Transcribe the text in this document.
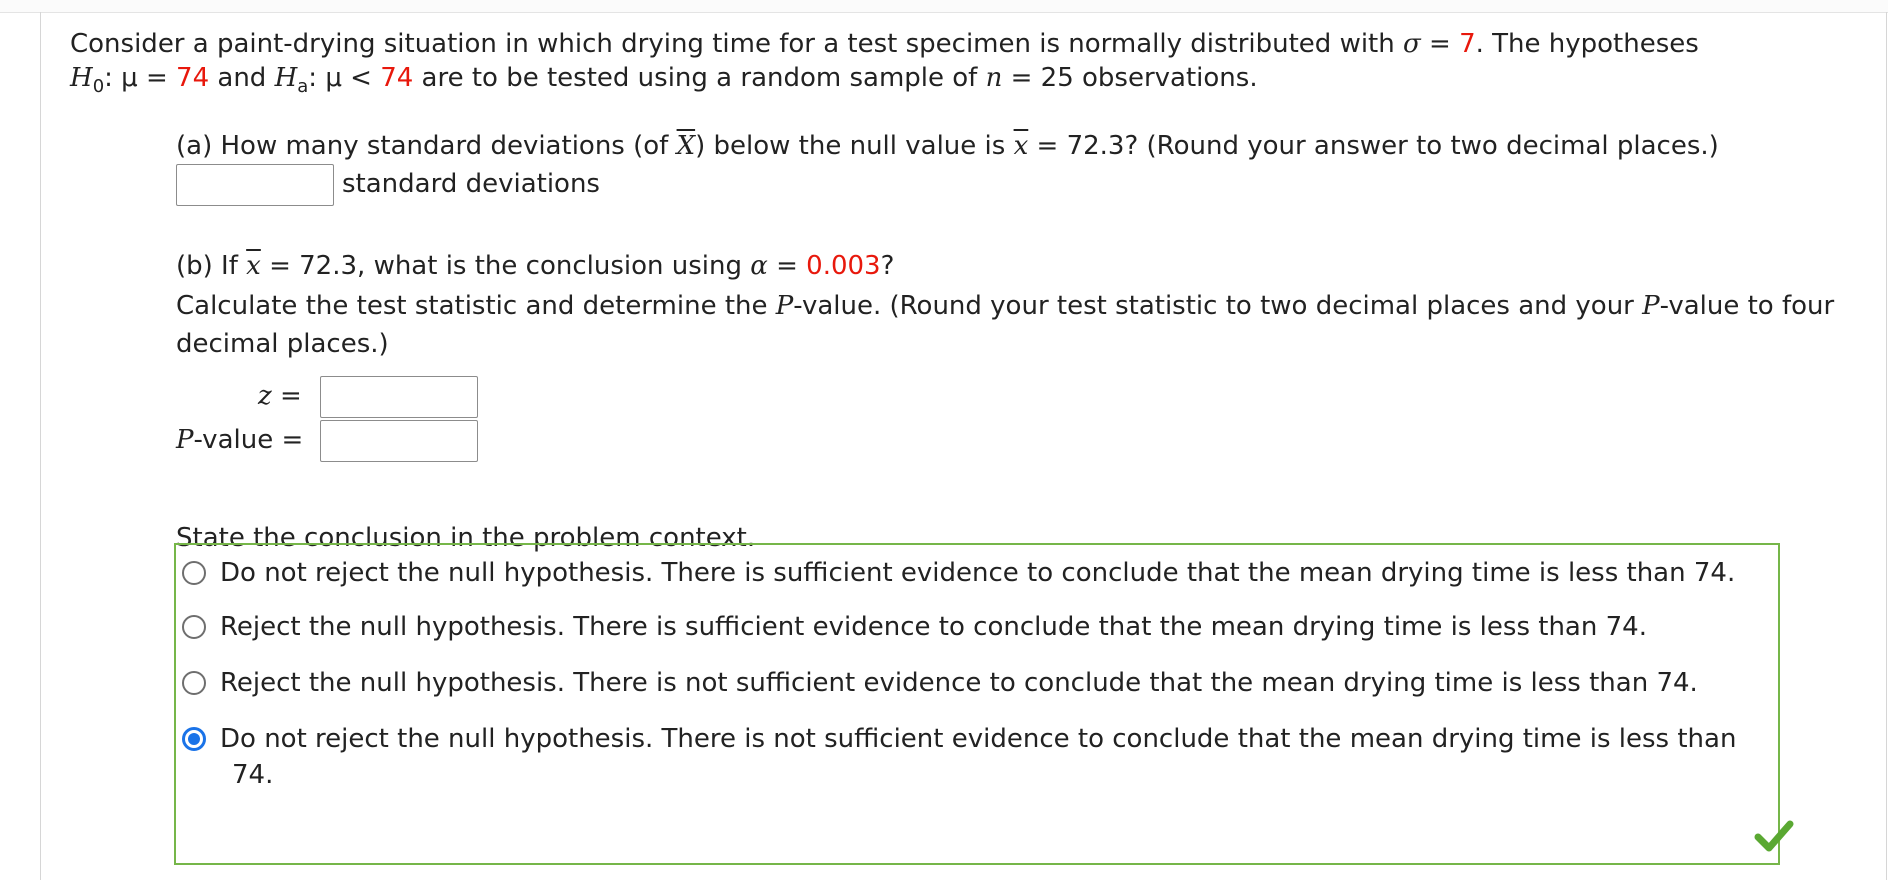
Consider a paint-drying situation in which drying time for a test specimen is normally distributed with σ = 7. The hypotheses
$H_0$: μ = 74 and $H_a$: μ < 74 are to be tested using a random sample of n = 25 observations.
(a) How many standard deviations (of $\overline{X}$) below the null value is $\overline{x} = 72.3$? (Round your answer to two decimal places.)
standard deviations
(b) If $\overline{x} = 72.3$, what is the conclusion using α = 0.003?
Calculate the test statistic and determine the P-value. (Round your test statistic to two decimal places and your P-value to four
decimal places.)
z =
P-value =
State the conclusion in the problem context.
Do not reject the null hypothesis. There is sufficient evidence to conclude that the mean drying time is less than 74.
Reject the null hypothesis. There is sufficient evidence to conclude that the mean drying time is less than 74.
Reject the null hypothesis. There is not sufficient evidence to conclude that the mean drying time is less than 74.
Do not reject the null hypothesis. There is not sufficient evidence to conclude that the mean drying time is less than
74.
